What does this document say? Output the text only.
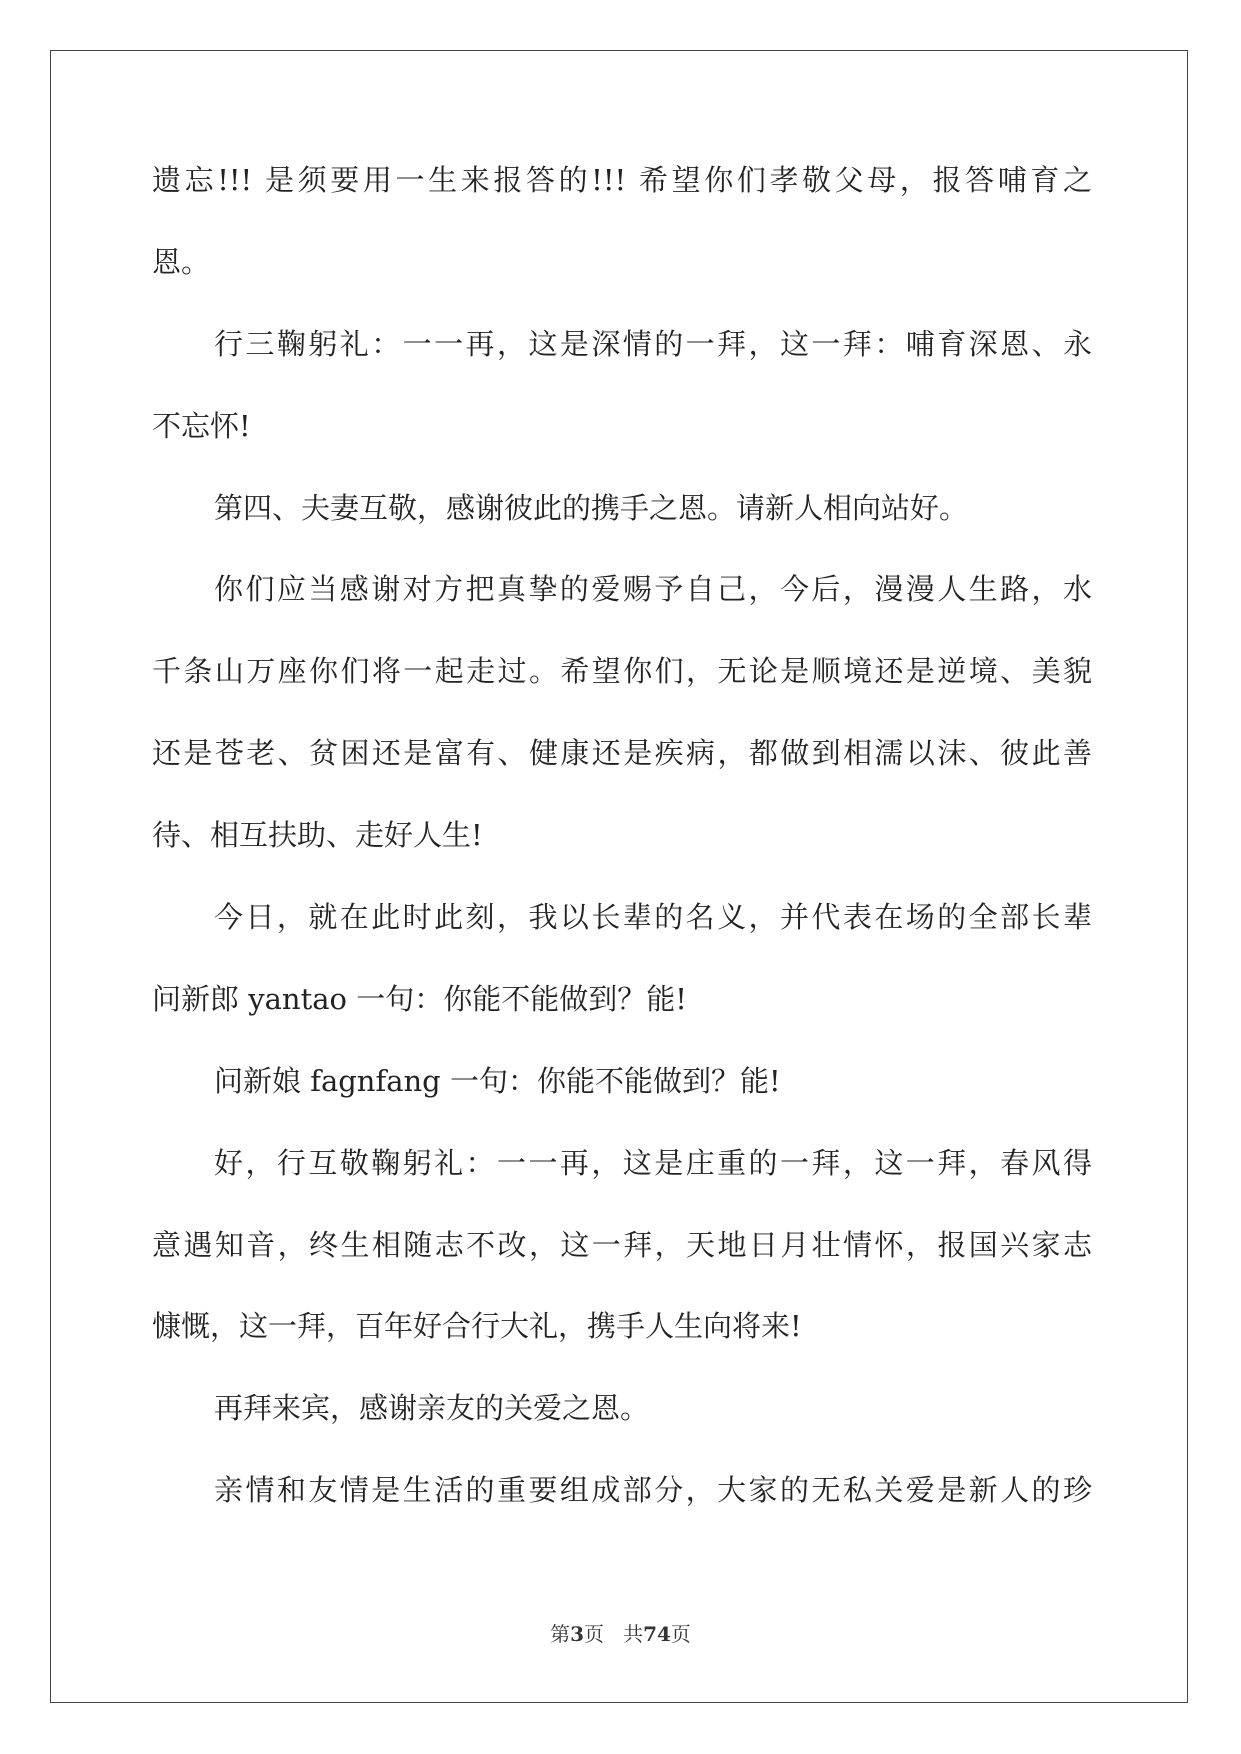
遗忘!!! 是须要用一生来报答的!!! 希望你们孝敬父母，报答哺育之
恩。
行三鞠躬礼：一一再，这是深情的一拜，这一拜：哺育深恩、永
不忘怀!
第四、夫妻互敬，感谢彼此的携手之恩。请新人相向站好。
你们应当感谢对方把真挚的爱赐予自己，今后，漫漫人生路，水
千条山万座你们将一起走过。希望你们，无论是顺境还是逆境、美貌
还是苍老、贫困还是富有、健康还是疾病，都做到相濡以沫、彼此善
待、相互扶助、走好人生!
今日，就在此时此刻，我以长辈的名义，并代表在场的全部长辈
问新郎 yantao 一句：你能不能做到？能!
问新娘 fagnfang 一句：你能不能做到？能!
好，行互敬鞠躬礼：一一再，这是庄重的一拜，这一拜，春风得
意遇知音，终生相随志不改，这一拜，天地日月壮情怀，报国兴家志
慷慨，这一拜，百年好合行大礼，携手人生向将来!
再拜来宾，感谢亲友的关爱之恩。
亲情和友情是生活的重要组成部分，大家的无私关爱是新人的珍
第3页 共74页
